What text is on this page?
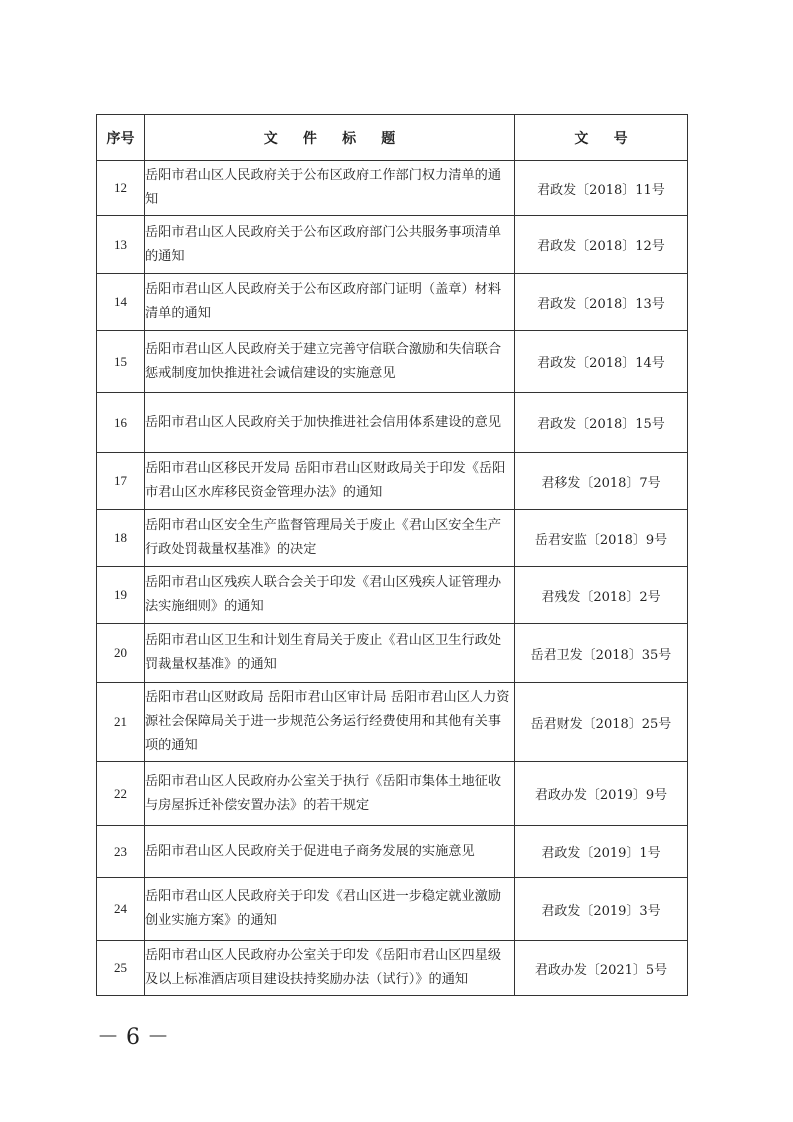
序号	文件标题	文号
12	岳阳市君山区人民政府关于公布区政府工作部门权力清单的通知	君政发〔2018〕11号
13	岳阳市君山区人民政府关于公布区政府部门公共服务事项清单的通知	君政发〔2018〕12号
14	岳阳市君山区人民政府关于公布区政府部门证明（盖章）材料清单的通知	君政发〔2018〕13号
15	岳阳市君山区人民政府关于建立完善守信联合激励和失信联合惩戒制度加快推进社会诚信建设的实施意见	君政发〔2018〕14号
16	岳阳市君山区人民政府关于加快推进社会信用体系建设的意见	君政发〔2018〕15号
17	岳阳市君山区移民开发局 岳阳市君山区财政局关于印发《岳阳市君山区水库移民资金管理办法》的通知	君移发〔2018〕7号
18	岳阳市君山区安全生产监督管理局关于废止《君山区安全生产行政处罚裁量权基准》的决定	岳君安监〔2018〕9号
19	岳阳市君山区残疾人联合会关于印发《君山区残疾人证管理办法实施细则》的通知	君残发〔2018〕2号
20	岳阳市君山区卫生和计划生育局关于废止《君山区卫生行政处罚裁量权基准》的通知	岳君卫发〔2018〕35号
21	岳阳市君山区财政局 岳阳市君山区审计局 岳阳市君山区人力资源社会保障局关于进一步规范公务运行经费使用和其他有关事项的通知	岳君财发〔2018〕25号
22	岳阳市君山区人民政府办公室关于执行《岳阳市集体土地征收与房屋拆迁补偿安置办法》的若干规定	君政办发〔2019〕9号
23	岳阳市君山区人民政府关于促进电子商务发展的实施意见	君政发〔2019〕1号
24	岳阳市君山区人民政府关于印发《君山区进一步稳定就业激励创业实施方案》的通知	君政发〔2019〕3号
25	岳阳市君山区人民政府办公室关于印发《岳阳市君山区四星级及以上标准酒店项目建设扶持奖励办法（试行）》的通知	君政办发〔2021〕5号
－ 6 －
